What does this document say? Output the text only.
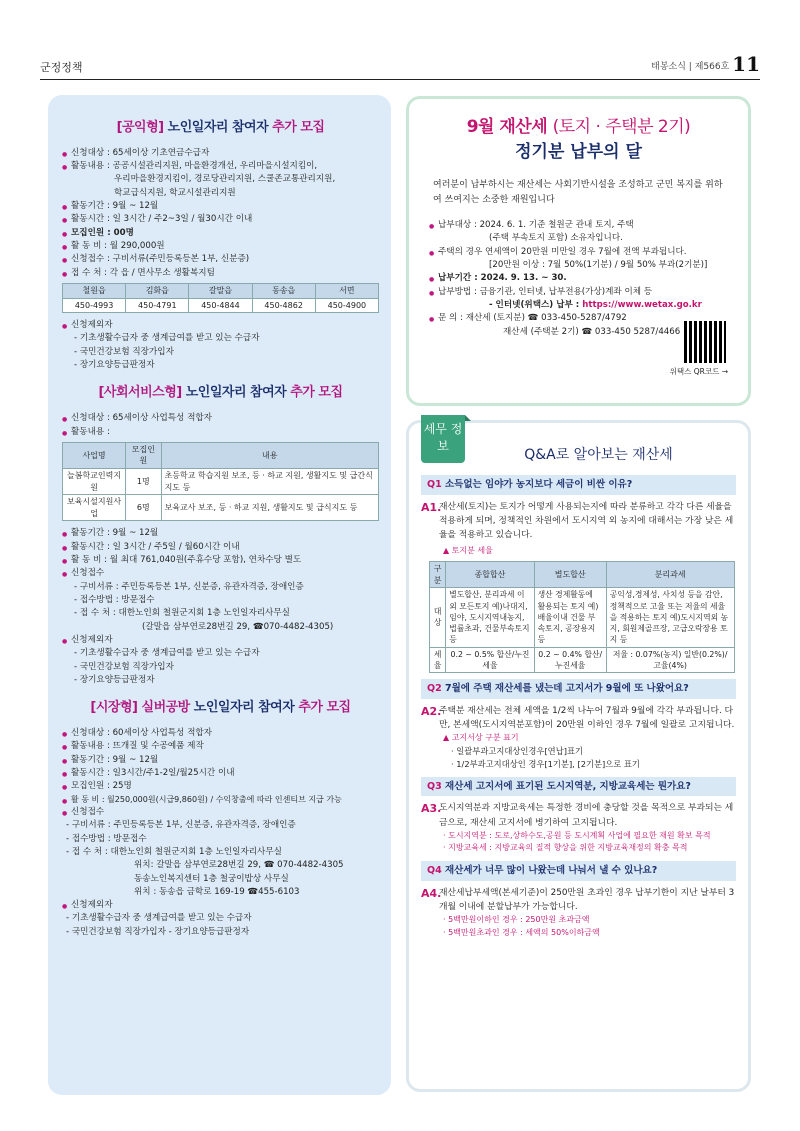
군정정책	태봉소식 | 제566호 11
[공익형] 노인일자리 참여자 추가 모집
● 신청대상 : 65세이상 기초연금수급자
● 활동내용 : 공공시설관리지원, 마을환경개선, 우리마을시설지킴이,
우리마을환경지킴이, 경로당관리지원, 스쿨존교통관리지원,
학교급식지원, 학교시설관리지원
● 활동기간 : 9월 ~ 12월
● 활동시간 : 일 3시간 / 주2~3일 / 월30시간 이내
● 모집인원 : 00명
● 활 동 비 : 월 290,000원
● 신청접수 : 구비서류(주민등록등본 1부, 신분증)
● 접 수 처 : 각 읍 / 면사무소 생활복지팀
철원읍	김화읍	갈말읍	동송읍	서면
450-4993	450-4791	450-4844	450-4862	450-4900
● 신청제외자
- 기초생활수급자 중 생계급여를 받고 있는 수급자
- 국민건강보험 직장가입자
- 장기요양등급판정자
[사회서비스형] 노인일자리 참여자 추가 모집
● 신청대상 : 65세이상 사업특성 적합자
● 활동내용 :
사업명	모집인원	내용
늘봄학교인력지원	1명	초등학교 학습지원 보조, 등 · 하교 지원, 생활지도 및 급간식지도 등
보육시설지원사업	6명	보육교사 보조, 등 · 하교 지원, 생활지도 및 급식지도 등
● 활동기간 : 9월 ~ 12월
● 활동시간 : 일 3시간 / 주5일 / 월60시간 이내
● 활 동 비 : 월 최대 761,040원(주휴수당 포함), 연차수당 별도
● 신청접수
- 구비서류 : 주민등록등본 1부, 신분증, 유관자격증, 장애인증
- 접수방법 : 방문접수
- 접 수 처 : 대한노인회 철원군지회 1층 노인일자리사무실
(갈말읍 삼부연로28번길 29, ☎070-4482-4305)
● 신청제외자
- 기초생활수급자 중 생계급여를 받고 있는 수급자
- 국민건강보험 직장가입자
- 장기요양등급판정자
[시장형] 실버공방 노인일자리 참여자 추가 모집
● 신청대상 : 60세이상 사업특성 적합자
● 활동내용 : 뜨개질 및 수공예품 제작
● 활동기간 : 9월 ~ 12월
● 활동시간 : 일3시간/주1-2일/월25시간 이내
● 모집인원 : 25명
● 활 동 비 : 월250,000원(시급9,860원) / 수익창출에 따라 인센티브 지급 가능
● 신청접수
- 구비서류 : 주민등록등본 1부, 신분증, 유관자격증, 장애인증
- 접수방법 : 방문접수
- 접 수 처 : 대한노인회 철원군지회 1층 노인일자리사무실
위치: 갈말읍 삼부연로28번길 29, ☎ 070-4482-4305
동송노인복지센터 1층 철궁이밥상 사무실
위치 : 동송읍 금학로 169-19 ☎455-6103
● 신청제외자
- 기초생활수급자 중 생계급여를 받고 있는 수급자
- 국민건강보험 직장가입자 - 장기요양등급판정자
9월 재산세 (토지 · 주택분 2기)
정기분 납부의 달
여러분이 납부하시는 재산세는 사회기반시설을 조성하고 군민 복지를 위하여 쓰여지는 소중한 재원입니다
● 납부대상 : 2024. 6. 1. 기준 철원군 관내 토지, 주택
(주택 부속토지 포함) 소유자입니다.
● 주택의 경우 연세액이 20만원 미만일 경우 7월에 전액 부과됩니다.
[20만원 이상 : 7월 50%(1기분) / 9월 50% 부과(2기분)]
● 납부기간 : 2024. 9. 13. ~ 30.
● 납부방법 : 금융기관, 인터넷, 납부전용(가상)계좌 이체 등
- 인터넷(위택스) 납부 : https://www.wetax.go.kr
● 문 의 : 재산세 (토지분) ☎ 033-450-5287/4792
재산세 (주택분 2기) ☎ 033-450 5287/4466
위택스 QR코드 →
세무 정보
Q&A로 알아보는 재산세
Q1 소득없는 임야가 농지보다 세금이 비싼 이유?
A1.
재산세(토지)는 토지가 어떻게 사용되는지에 따라 분류하고 각각 다른 세율을 적용하게 되며, 정책적인 차원에서 도시지역 외 농지에 대해서는 가장 낮은 세율을 적용하고 있습니다.
▲ 토지분 세율
구분	종합합산	별도합산	분리과세
대상	별도합산, 분리과세 이외 모든토지 예)나대지, 임야, 도시지역내농지, 법률초과, 건물부속토지 등	생산 경제활동에 활용되는 토지 예)배율이내 건물 부속토지, 공장용지 등	공익성,경제성, 사치성 등을 감안, 정책적으로 고율 또는 저율의 세율을 적용하는 토지 예)도시지역외 농지, 회원제골프장, 고급오락장용 토지 등
세율	0.2 ~ 0.5% 합산/누진세율	0.2 ~ 0.4% 합산/누진세율	저율 : 0.07%(농지) 일반(0.2%)/고율(4%)
Q2 7월에 주택 재산세를 냈는데 고지서가 9월에 또 나왔어요?
A2.
주택분 재산세는 전체 세액을 1/2씩 나누어 7월과 9월에 각각 부과됩니다. 다만, 본세액(도시지역분포함)이 20만원 이하인 경우 7월에 일괄로 고지됩니다.
▲ 고지서상 구분 표기
· 일괄부과고지대상인경우[연납]표기
· 1/2부과고지대상인 경우[1기분], [2기분]으로 표기
Q3 재산세 고지서에 표기된 도시지역분, 지방교육세는 뭔가요?
A3.
도시지역분과 지방교육세는 특정한 경비에 충당할 것을 목적으로 부과되는 세금으로, 재산세 고지서에 병기하여 고지됩니다.
· 도시지역분 : 도로,상하수도,공원 등 도시계획 사업에 필요한 재원 확보 목적
· 지방교육세 : 지방교육의 질적 향상을 위한 지방교육재정의 확충 목적
Q4 재산세가 너무 많이 나왔는데 나눠서 낼 수 있나요?
A4.
재산세납부세액(본세기준)이 250만원 초과인 경우 납부기한이 지난 날부터 3개월 이내에 분할납부가 가능합니다.
· 5백만원이하인 경우 : 250만원 초과금액
· 5백만원초과인 경우 : 세액의 50%이하금액
